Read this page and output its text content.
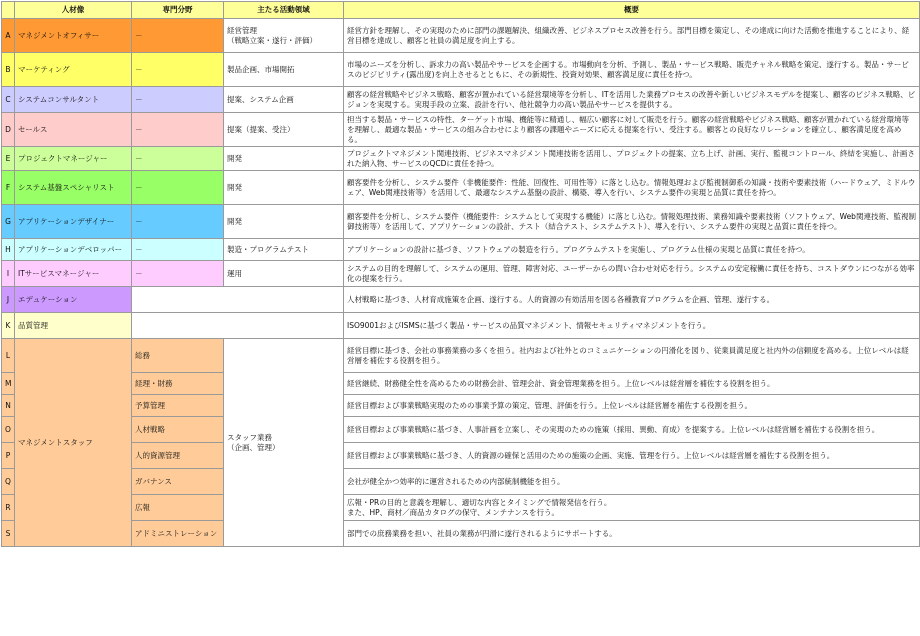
	人材像	専門分野	主たる活動領域	概要
A	マネジメントオフィサー	－	経営管理
（戦略立案・遂行・評価）	経営方針を理解し、その実現のために部門の課題解決、組織改善、ビジネスプロセス改善を行う。部門目標を策定し、その達成に向けた活動を推進することにより、経営目標を達成し、顧客と社員の満足度を向上する。
B	マーケティング	－	製品企画、市場開拓	市場のニーズを分析し、訴求力の高い製品やサービスを企画する。市場動向を分析、予測し、製品・サービス戦略、販売チャネル戦略を策定、遂行する。製品・サービスのビジビリティ(露出度)を向上させるとともに、その新規性、投資対効果、顧客満足度に責任を持つ。
C	システムコンサルタント	－	提案、システム企画	顧客の経営戦略やビジネス戦略、顧客が置かれている経営環境等を分析し、ITを活用した業務プロセスの改善や新しいビジネスモデルを提案し、顧客のビジネス戦略、ビジョンを実現する。実現手段の立案、設計を行い、他社競争力の高い製品やサービスを提供する。
D	セールス	－	提案（提案、受注）	担当する製品・サービスの特性、ターゲット市場、機能等に精通し、幅広い顧客に対して販売を行う。顧客の経営戦略やビジネス戦略、顧客が置かれている経営環境等を理解し、最適な製品・サービスの組み合わせにより顧客の課題やニーズに応える提案を行い、受注する。顧客との良好なリレーションを確立し、顧客満足度を高める。
E	プロジェクトマネージャー	－	開発	プロジェクトマネジメント関連技術、ビジネスマネジメント関連技術を活用し、プロジェクトの提案、立ち上げ、計画、実行、監視コントロール、終結を実施し、計画された納入物、サービスのQCDに責任を持つ。
F	システム基盤スペシャリスト	－	開発	顧客要件を分析し、システム要件（非機能要件：性能、回復性、可用性等）に落とし込む。情報処理および監視制御系の知識・技術や要素技術（ハードウェア、ミドルウェア、Web関連技術等）を活用して、最適なシステム基盤の設計、構築、導入を行い、システム要件の実現と品質に責任を持つ。
G	アプリケーションデザイナー	－	開発	顧客要件を分析し、システム要件（機能要件：システムとして実現する機能）に落とし込む。情報処理技術、業務知識や要素技術（ソフトウェア、Web関連技術、監視制御技術等）を活用して、アプリケーションの設計、テスト（結合テスト、システムテスト）、導入を行い、システム要件の実現と品質に責任を持つ。
H	アプリケーションデベロッパー	－	製造・プログラムテスト	アプリケーションの設計に基づき、ソフトウェアの製造を行う。プログラムテストを実施し、プログラム仕様の実現と品質に責任を持つ。
I	ITサービスマネージャー	－	運用	システムの目的を理解して、システムの運用、管理、障害対応、ユーザーからの問い合わせ対応を行う。システムの安定稼働に責任を持ち、コストダウンにつながる効率化の提案を行う。
J	エデュケーション			人材戦略に基づき、人材育成施策を企画、遂行する。人的資源の有効活用を図る各種教育プログラムを企画、管理、遂行する。
K	品質管理			ISO9001およびISMSに基づく製品・サービスの品質マネジメント、情報セキュリティマネジメントを行う。
L	マネジメントスタッフ	総務	スタッフ業務
（企画、管理）	経営目標に基づき、会社の事務業務の多くを担う。社内および社外とのコミュニケーションの円滑化を図り、従業員満足度と社内外の信頼度を高める。上位レベルは経営層を補佐する役割を担う。
M		経理・財務		経営継続、財務健全性を高めるための財務会計、管理会計、資金管理業務を担う。上位レベルは経営層を補佐する役割を担う。
N		予算管理		経営目標および事業戦略実現のための事業予算の策定、管理、評価を行う。上位レベルは経営層を補佐する役割を担う。
O		人材戦略		経営目標および事業戦略に基づき、人事計画を立案し、その実現のための施策（採用、異動、育成）を提案する。上位レベルは経営層を補佐する役割を担う。
P		人的資源管理		経営目標および事業戦略に基づき、人的資源の確保と活用のための施策の企画、実施、管理を行う。上位レベルは経営層を補佐する役割を担う。
Q		ガバナンス		会社が健全かつ効率的に運営されるための内部統制機能を担う。
R		広報		広報・PRの目的と意義を理解し、適切な内容とタイミングで情報発信を行う。
また、HP、商材／商品カタログの保守、メンテナンスを行う。
S		アドミニストレーション		部門での庶務業務を担い、社員の業務が円滑に遂行されるようにサポートする。
